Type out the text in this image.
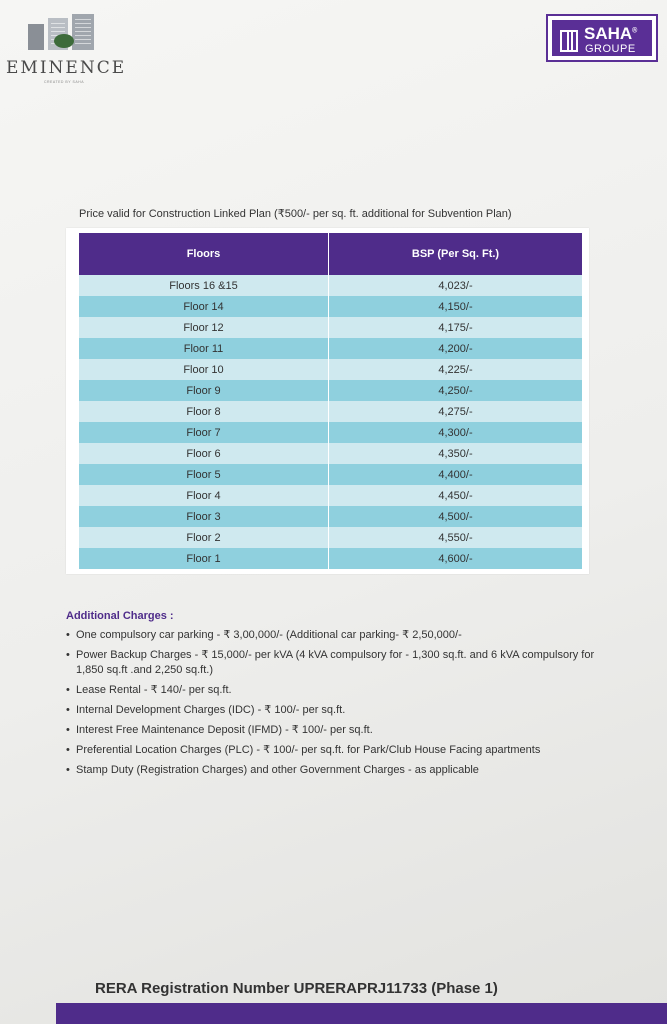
EMINENCE
CREATED BY SAHA
SAHA®
GROUPE
Price valid for Construction Linked Plan (₹500/- per sq. ft. additional for Subvention Plan)
Floors	BSP (Per Sq. Ft.)
Floors 16 &15	4,023/-
Floor 14	4,150/-
Floor 12	4,175/-
Floor 11	4,200/-
Floor 10	4,225/-
Floor 9	4,250/-
Floor 8	4,275/-
Floor 7	4,300/-
Floor 6	4,350/-
Floor 5	4,400/-
Floor 4	4,450/-
Floor 3	4,500/-
Floor 2	4,550/-
Floor 1	4,600/-
Additional Charges :
• One compulsory car parking - ₹ 3,00,000/- (Additional car parking- ₹ 2,50,000/-
• Power Backup Charges - ₹ 15,000/- per kVA (4 kVA compulsory for - 1,300 sq.ft. and 6 kVA compulsory for 1,850 sq.ft .and 2,250 sq.ft.)
• Lease Rental - ₹ 140/- per sq.ft.
• Internal Development Charges (IDC) - ₹ 100/- per sq.ft.
• Interest Free Maintenance Deposit (IFMD) - ₹ 100/- per sq.ft.
• Preferential Location Charges (PLC) - ₹ 100/- per sq.ft. for Park/Club House Facing apartments
• Stamp Duty (Registration Charges) and other Government Charges - as applicable
RERA Registration Number UPRERAPRJ11733 (Phase 1)
